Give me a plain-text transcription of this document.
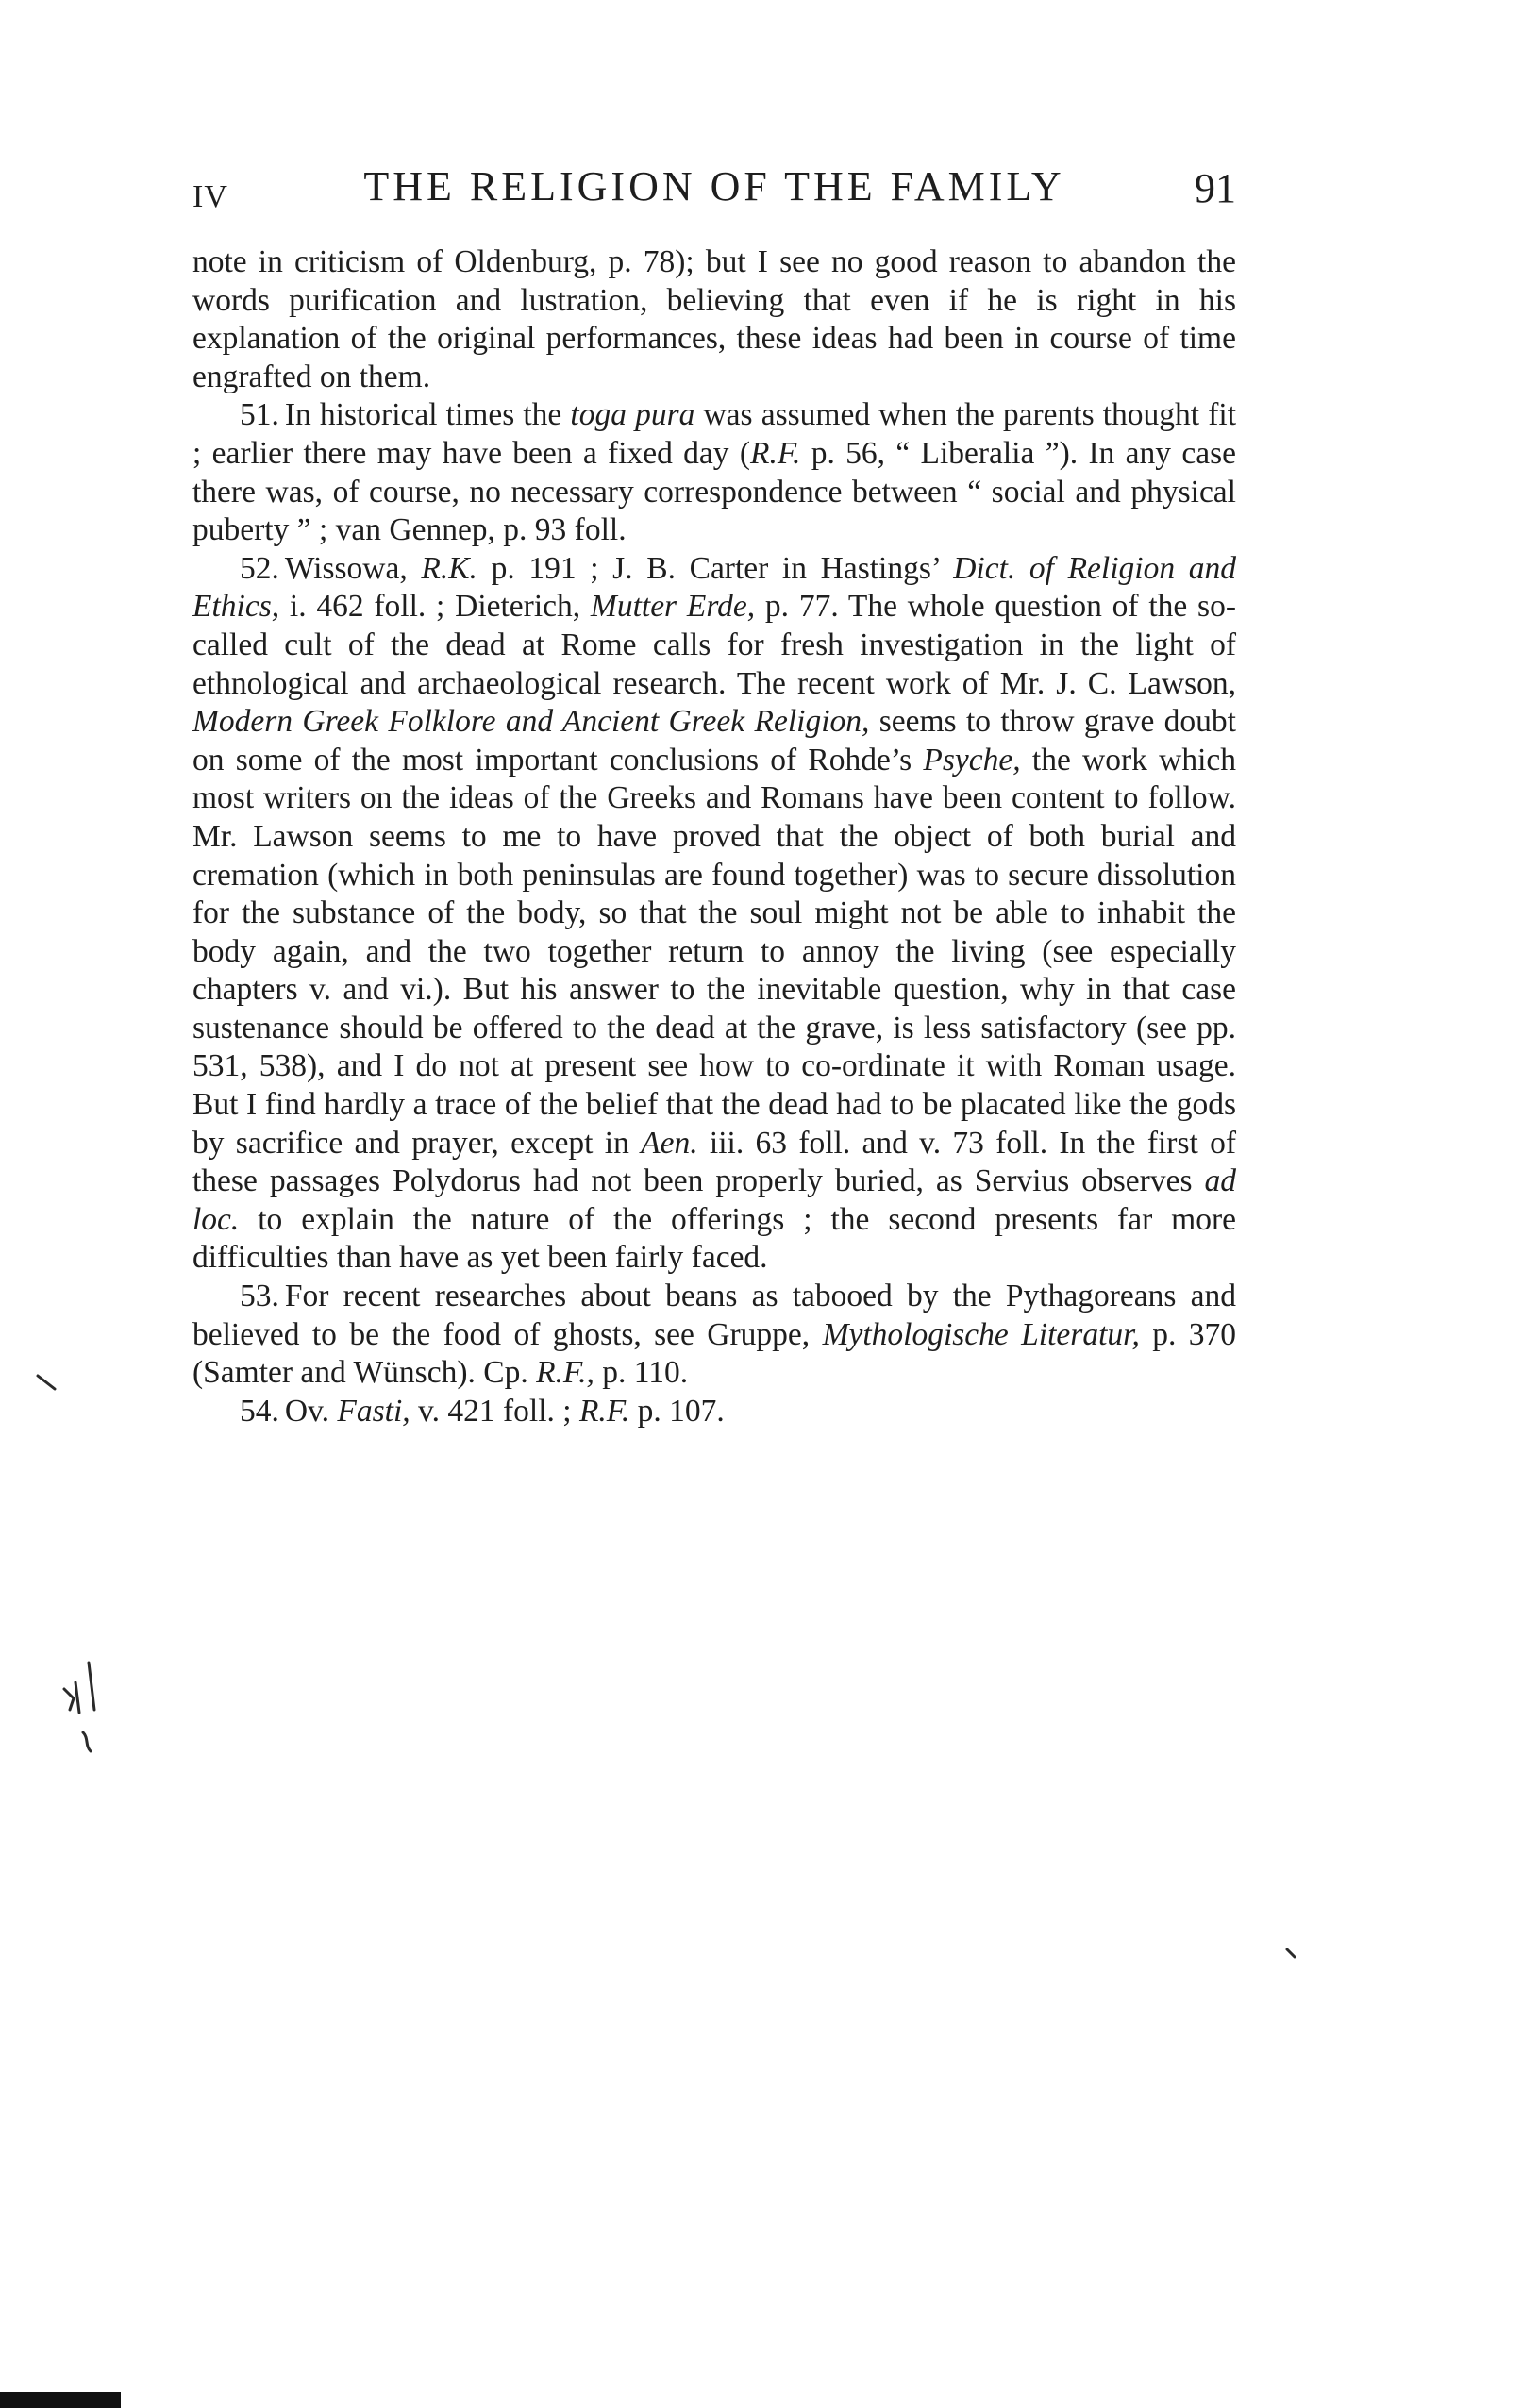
IV	THE RELIGION OF THE FAMILY	91

note in criticism of Oldenburg, p. 78); but I see no good reason to abandon the words purification and lustration, believing that even if he is right in his explanation of the original performances, these ideas had been in course of time engrafted on them.

51. In historical times the toga pura was assumed when the parents thought fit ; earlier there may have been a fixed day (R.F. p. 56, “ Liberalia ”). In any case there was, of course, no necessary correspondence between “ social and physical puberty ” ; van Gennep, p. 93 foll.

52. Wissowa, R.K. p. 191 ; J. B. Carter in Hastings’ Dict. of Religion and Ethics, i. 462 foll. ; Dieterich, Mutter Erde, p. 77. The whole question of the so-called cult of the dead at Rome calls for fresh investigation in the light of ethnological and archaeological research. The recent work of Mr. J. C. Lawson, Modern Greek Folklore and Ancient Greek Religion, seems to throw grave doubt on some of the most important conclusions of Rohde’s Psyche, the work which most writers on the ideas of the Greeks and Romans have been content to follow. Mr. Lawson seems to me to have proved that the object of both burial and cremation (which in both peninsulas are found together) was to secure dissolution for the substance of the body, so that the soul might not be able to inhabit the body again, and the two together return to annoy the living (see especially chapters v. and vi.). But his answer to the inevitable question, why in that case sustenance should be offered to the dead at the grave, is less satisfactory (see pp. 531, 538), and I do not at present see how to co-ordinate it with Roman usage. But I find hardly a trace of the belief that the dead had to be placated like the gods by sacrifice and prayer, except in Aen. iii. 63 foll. and v. 73 foll. In the first of these passages Polydorus had not been properly buried, as Servius observes ad loc. to explain the nature of the offerings ; the second presents far more difficulties than have as yet been fairly faced.

53. For recent researches about beans as tabooed by the Pythagoreans and believed to be the food of ghosts, see Gruppe, Mythologische Literatur, p. 370 (Samter and Wünsch). Cp. R.F., p. 110.

54. Ov. Fasti, v. 421 foll. ; R.F. p. 107.
